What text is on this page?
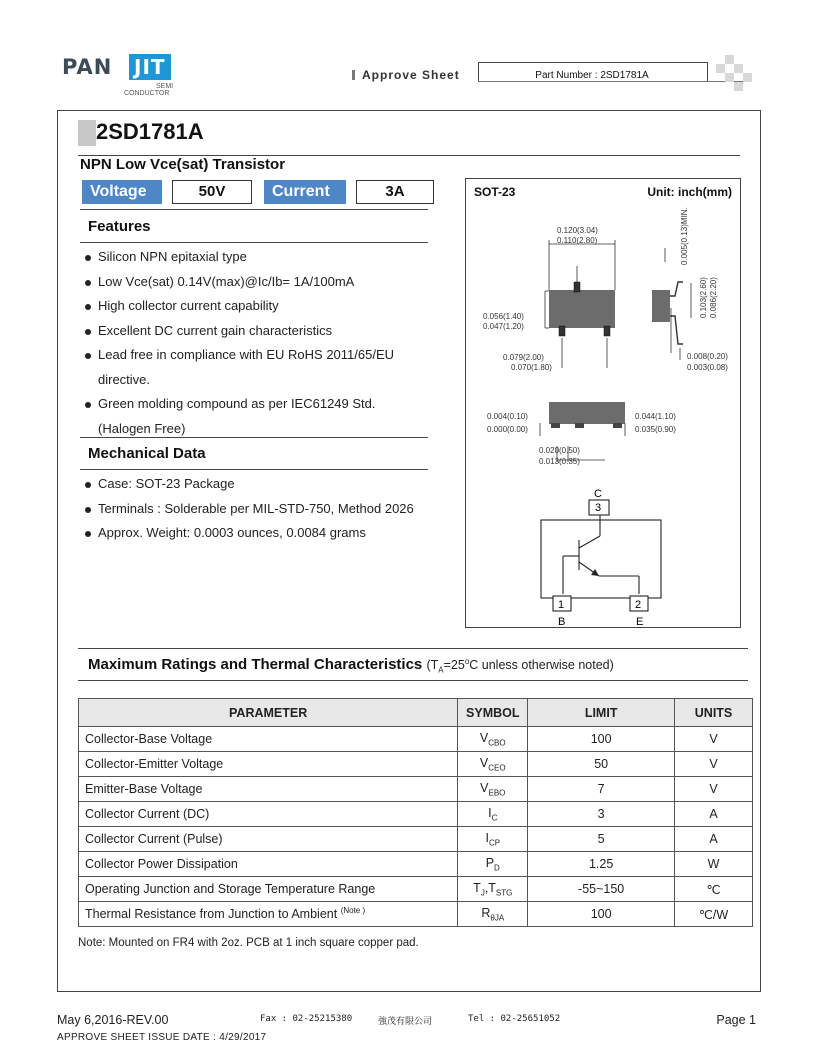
PAN JIT
SEMI
CONDUCTOR
Approve Sheet	Part Number : 2SD1781A
2SD1781A
NPN Low Vce(sat) Transistor
Voltage	50V	Current	3A
Features
Silicon NPN epitaxial type
Low Vce(sat) 0.14V(max)@Ic/Ib= 1A/100mA
High collector current capability
Excellent DC current gain characteristics
Lead free in compliance with EU RoHS 2011/65/EU
directive.
Green molding compound as per IEC61249 Std.
(Halogen Free)
Mechanical Data
Case: SOT-23 Package
Terminals : Solderable per MIL-STD-750, Method 2026
Approx. Weight: 0.0003 ounces, 0.0084 grams
SOT-23	Unit: inch(mm)
0.120(3.04)
0.110(2.80)
0.056(1.40)
0.047(1.20)
0.079(2.00)
0.070(1.80)
0.005(0.13)MIN.
0.103(2.60) 0.086(2.20)
0.008(0.20)
0.003(0.08)
0.004(0.10)
0.000(0.00)
0.044(1.10)
0.035(0.90)
0.020(0.50)
0.013(0.35)
C
3
1	2
B	E
Maximum Ratings and Thermal Characteristics ($T_A=25^oC$ unless otherwise noted)
PARAMETER	SYMBOL	LIMIT	UNITS
Collector-Base Voltage	$V_{CBO}$	100	V
Collector-Emitter Voltage	$V_{CEO}$	50	V
Emitter-Base Voltage	$V_{EBO}$	7	V
Collector Current (DC)	$I_C$	3	A
Collector Current (Pulse)	$I_{CP}$	5	A
Collector Power Dissipation	$P_D$	1.25	W
Operating Junction and Storage Temperature Range	$T_J,T_{STG}$	-55~150	℃
Thermal Resistance from Junction to Ambient $^{(Note )}$	$R_{\theta JA}$	100	℃/W
Note: Mounted on FR4 with 2oz. PCB at 1 inch square copper pad.
May 6,2016-REV.00	Fax : 02-25215380	強茂有限公司	Tel : 02-25651052	Page 1
APPROVE SHEET ISSUE DATE : 4/29/2017
